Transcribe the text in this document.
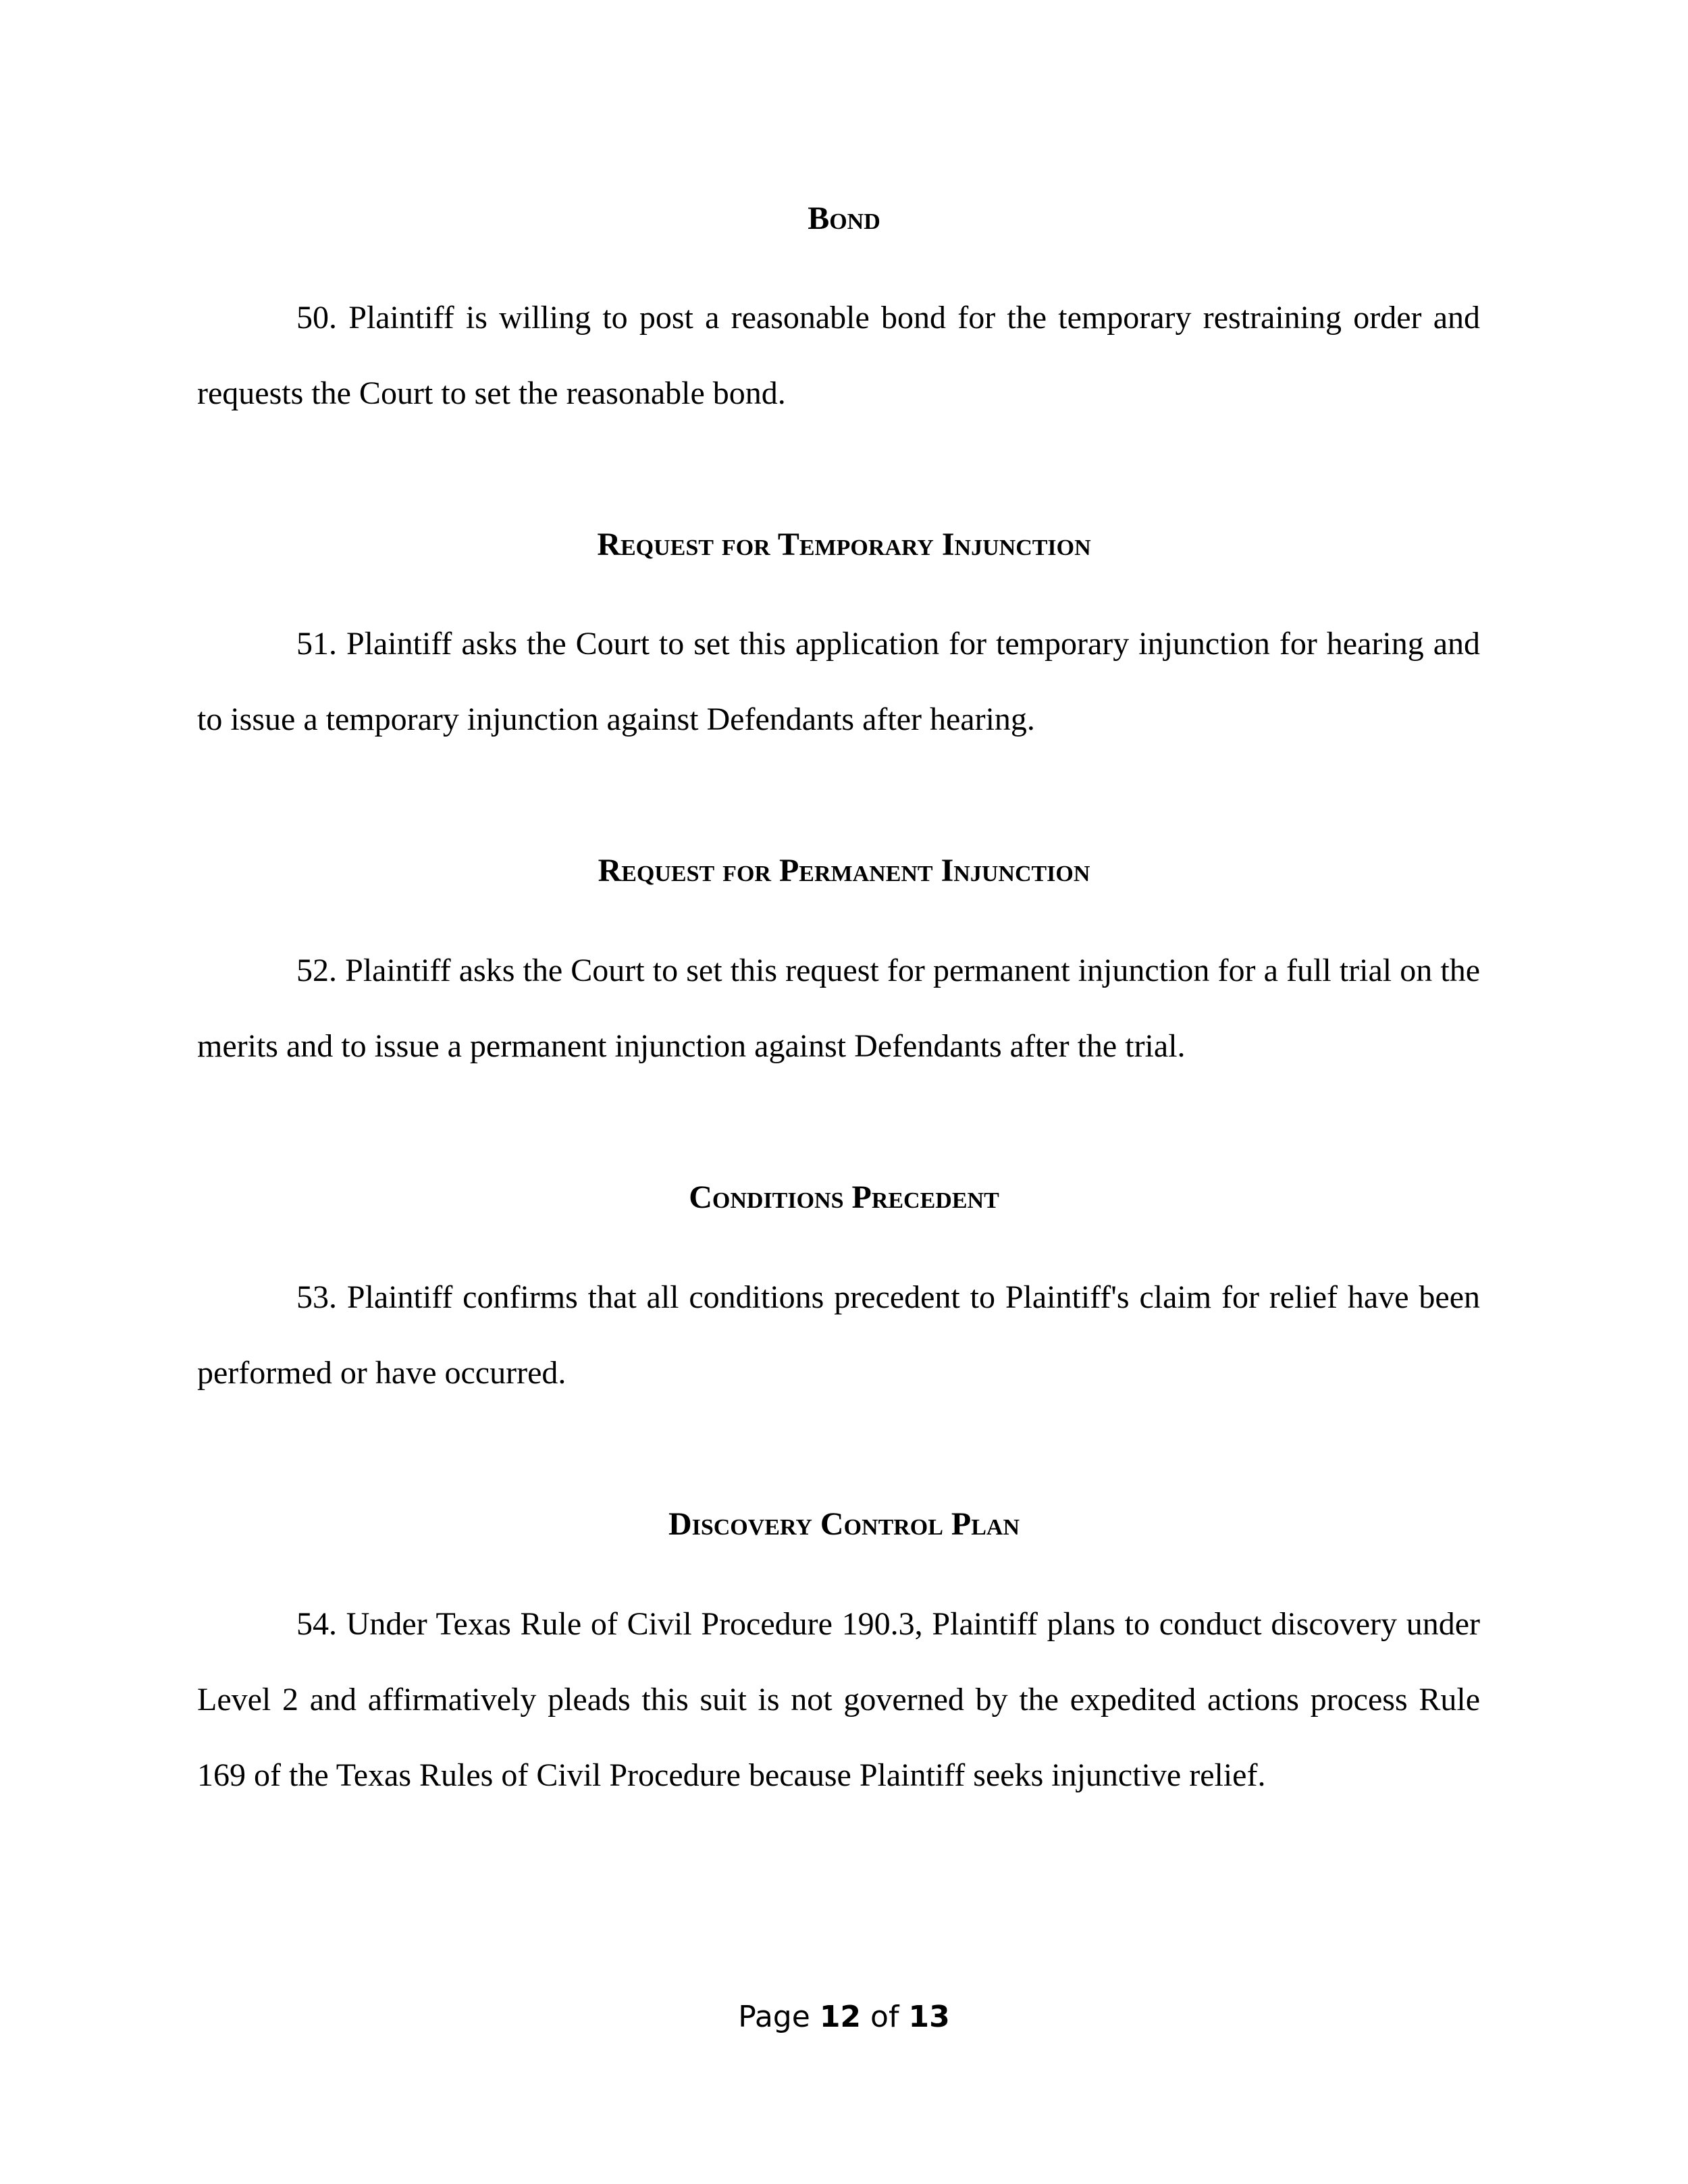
Bond

50. Plaintiff is willing to post a reasonable bond for the temporary restraining order and requests the Court to set the reasonable bond.

Request for Temporary Injunction

51. Plaintiff asks the Court to set this application for temporary injunction for hearing and to issue a temporary injunction against Defendants after hearing.

Request for Permanent Injunction

52. Plaintiff asks the Court to set this request for permanent injunction for a full trial on the merits and to issue a permanent injunction against Defendants after the trial.

Conditions Precedent

53. Plaintiff confirms that all conditions precedent to Plaintiff's claim for relief have been performed or have occurred.

Discovery Control Plan

54. Under Texas Rule of Civil Procedure 190.3, Plaintiff plans to conduct discovery under Level 2 and affirmatively pleads this suit is not governed by the expedited actions process Rule 169 of the Texas Rules of Civil Procedure because Plaintiff seeks injunctive relief.

Page 12 of 13
